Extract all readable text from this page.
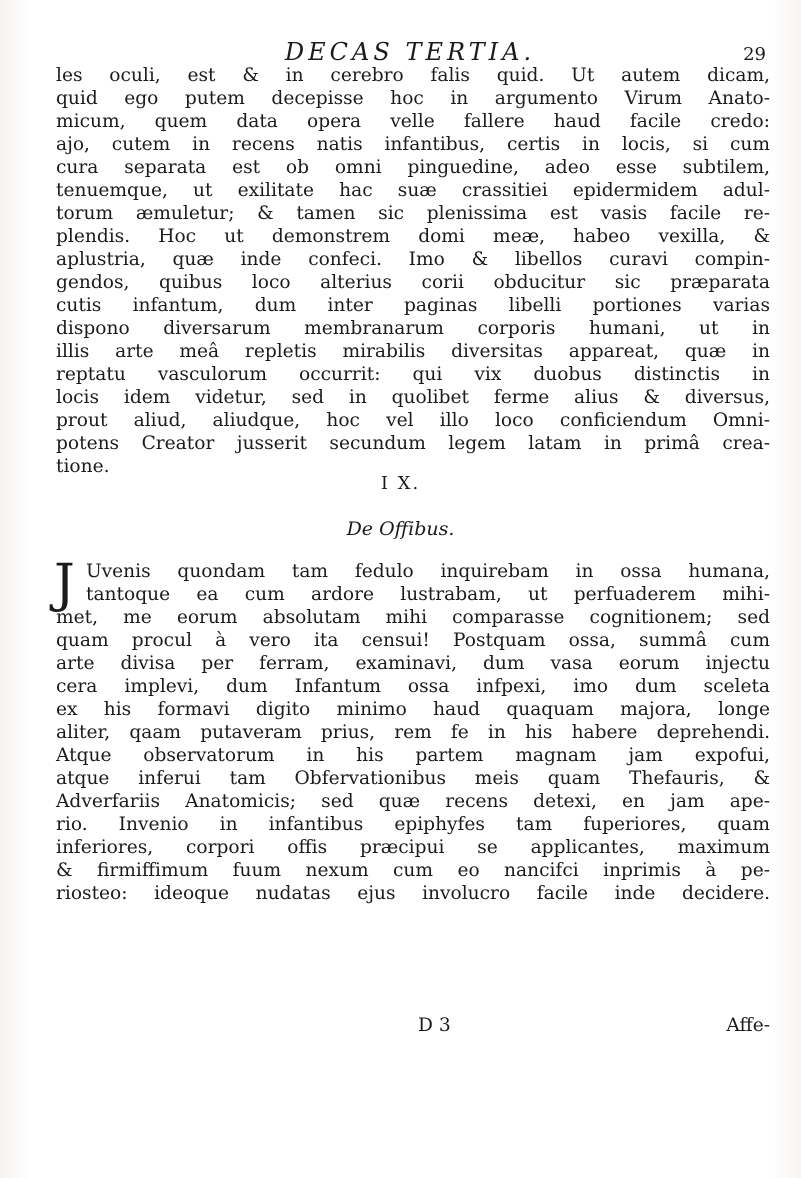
DECAS TERTIA.	29
les oculi, est & in cerebro falis quid. Ut autem dicam,
quid ego putem decepisse hoc in argumento Virum Anato-
micum, quem data opera velle fallere haud facile credo:
ajo, cutem in recens natis infantibus, certis in locis, si cum
cura separata est ob omni pinguedine, adeo esse subtilem,
tenuemque, ut exilitate hac suæ crassitiei epidermidem adul-
torum æmuletur; & tamen sic plenissima est vasis facile re-
plendis. Hoc ut demonstrem domi meæ, habeo vexilla, &
aplustria, quæ inde confeci. Imo & libellos curavi compin-
gendos, quibus loco alterius corii obducitur sic præparata
cutis infantum, dum inter paginas libelli portiones varias
dispono diversarum membranarum corporis humani, ut in
illis arte meâ repletis mirabilis diversitas appareat, quæ in
reptatu vasculorum occurrit: qui vix duobus distinctis in
locis idem videtur, sed in quolibet ferme alius & diversus,
prout aliud, aliudque, hoc vel illo loco conficiendum Omni-
potens Creator jusserit secundum legem latam in primâ crea-
tione.
I X.
De Offibus.
J Uvenis quondam tam fedulo inquirebam in ossa humana,
tantoque ea cum ardore lustrabam, ut perfuaderem mihi-
met, me eorum absolutam mihi comparasse cognitionem; sed
quam procul à vero ita censui! Postquam ossa, summâ cum
arte divisa per ferram, examinavi, dum vasa eorum injectu
cera implevi, dum Infantum ossa infpexi, imo dum sceleta
ex his formavi digito minimo haud quaquam majora, longe
aliter, qaam putaveram prius, rem fe in his habere deprehendi.
Atque observatorum in his partem magnam jam expofui,
atque inferui tam Obfervationibus meis quam Thefauris, &
Adverfariis Anatomicis; sed quæ recens detexi, en jam ape-
rio. Invenio in infantibus epiphyfes tam fuperiores, quam
inferiores, corpori offis præcipui se applicantes, maximum
& firmiffimum fuum nexum cum eo nancifci inprimis à pe-
riosteo: ideoque nudatas ejus involucro facile inde decidere.
D 3	Affe-
